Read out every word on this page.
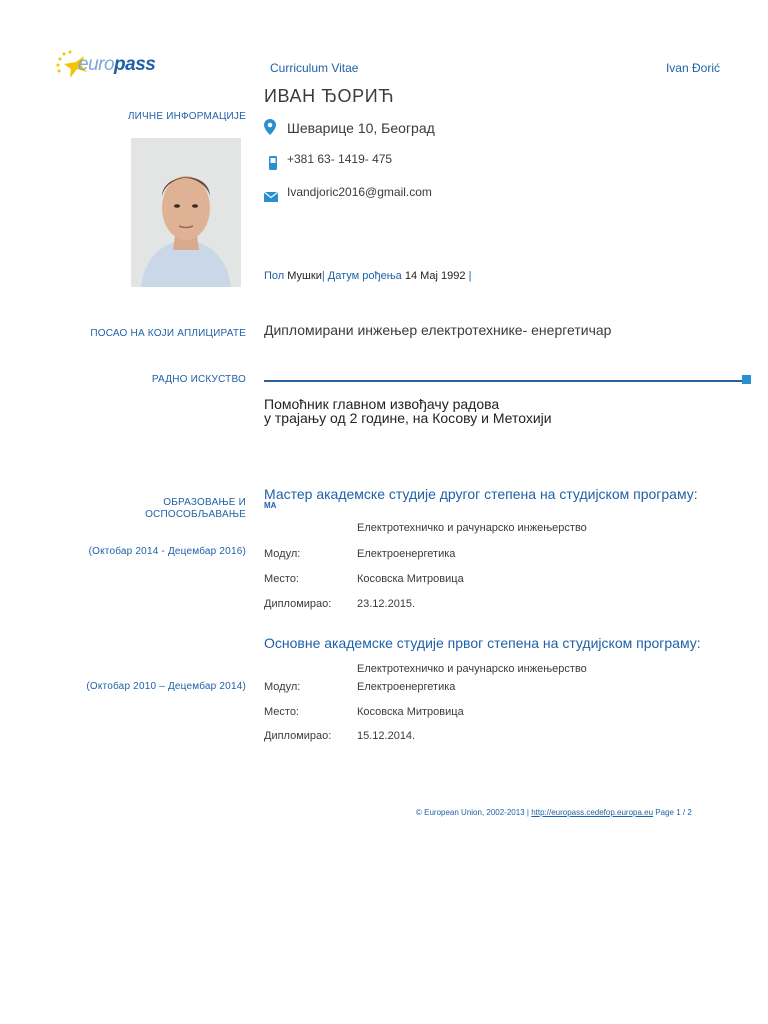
europass	Curriculum Vitae	Ivan Đorić
ЛИЧНЕ ИНФОРМАЦИЈЕ
ИВАН ЂОРИЋ
Шеварице 10, Београд
+381 63- 1419- 475
Ivandjoric2016@gmail.com
Пол Мушки| Датум рођења 14 Мај 1992 |
ПОСАО НА КОЈИ АПЛИЦИРАТЕ Дипломирани инжењер електротехнике- енергетичар
РАДНО ИСКУСТВО
Помоћник главном извођачу радова
у трајању од 2 године, на Косову и Метохији
ОБРАЗОВАЊЕ И
ОСПОСОБЉАВАЊЕ
(Октобар 2014 - Децембар 2016)
Мастер академске студије другог степена на студијском програму:
MA
Електротехничко и рачунарско инжењерство
Модул:	Електроенергетика
Место:	Косовска Митровица
Дипломирао: 23.12.2015.
Основне академске студије првог степена на студијском програму:
Електротехничко и рачунарско инжењерство
(Октобар 2010 – Децембар 2014) Модул:	Електроенергетика
Место:	Косовска Митровица
Дипломирао: 15.12.2014.
© European Union, 2002-2013 | http://europass.cedefop.europa.eu Page 1 / 2
